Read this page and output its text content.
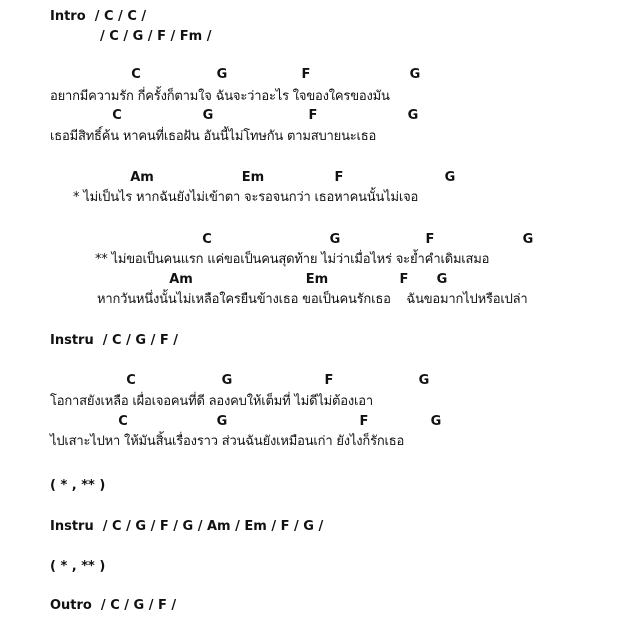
Intro  / C / C /
/ C / G / F / Fm /
C	G	F	G
อยากมีความรัก กี่ครั้งก็ตามใจ ฉันจะว่าอะไร ใจของใครของมัน
C	G	F	G
เธอมีสิทธิ์ค้น หาคนที่เธอฝัน อันนี้ไม่โทษกัน ตามสบายนะเธอ
Am	Em	F	G
* ไม่เป็นไร หากฉันยังไม่เข้าตา จะรอจนกว่า เธอหาคนนั้นไม่เจอ
C	G	F	G
** ไม่ขอเป็นคนแรก แค่ขอเป็นคนสุดท้าย ไม่ว่าเมื่อไหร่ จะย้ำคำเดิมเสมอ
Am	Em	F G
หากวันหนึ่งนั้นไม่เหลือใครยืนข้างเธอ ขอเป็นคนรักเธอ    ฉันขอมากไปหรือเปล่า
Instru  / C / G / F /
C	G	F	G
โอกาสยังเหลือ เผื่อเจอคนที่ดี ลองคบให้เต็มที่ ไม่ดีไม่ต้องเอา
C	G	F	G
ไปเสาะไปหา ให้มันสิ้นเรื่องราว ส่วนฉันยังเหมือนเก่า ยังไงก็รักเธอ
( * , ** )
Instru  / C / G / F / G / Am / Em / F / G /
( * , ** )
Outro  / C / G / F /
